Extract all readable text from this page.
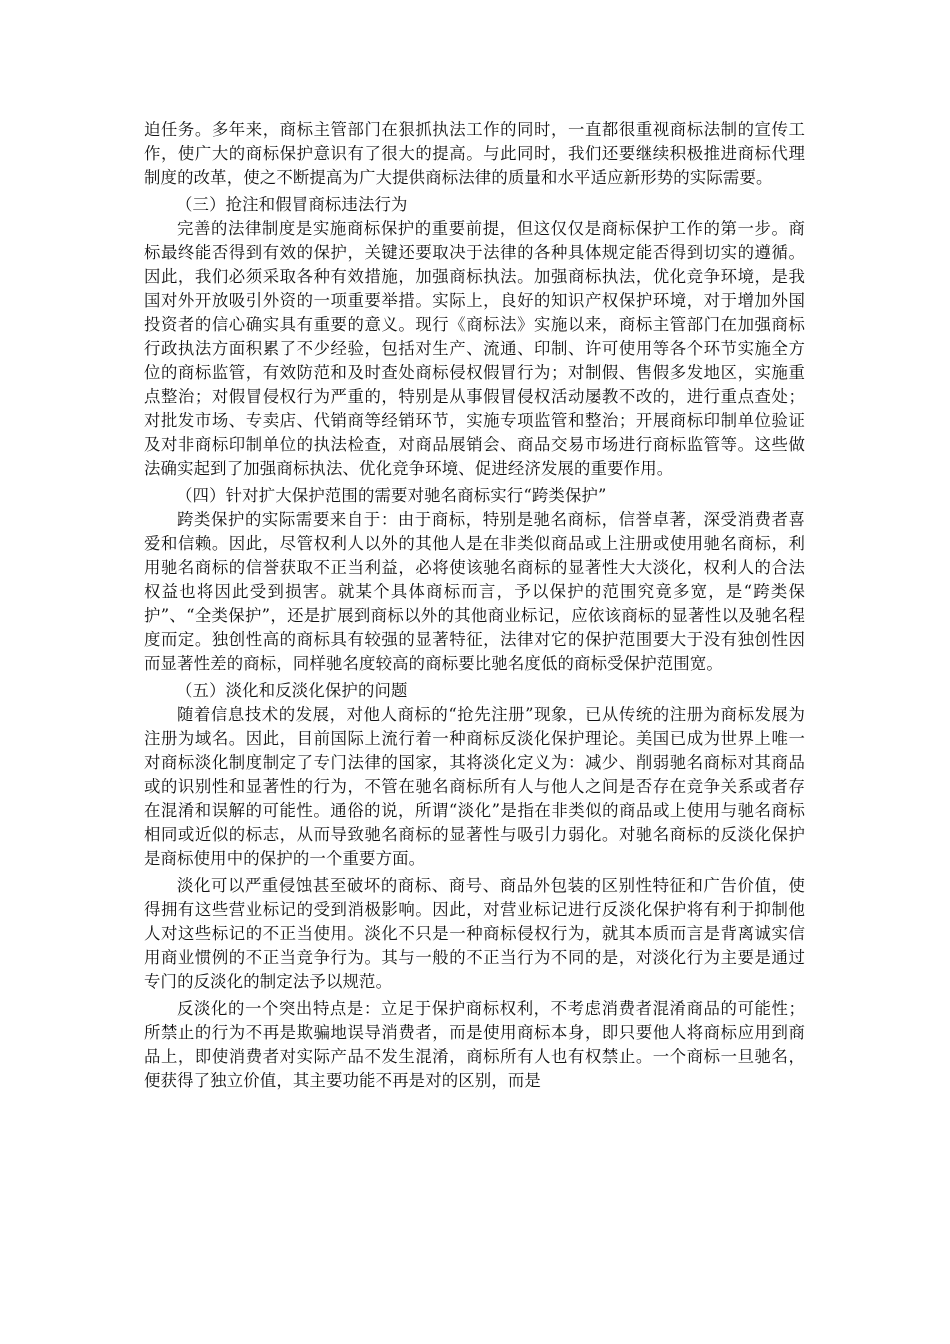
迫任务。多年来，商标主管部门在狠抓执法工作的同时，一直都很重视商标法制的宣传工作，使广大的商标保护意识有了很大的提高。与此同时，我们还要继续积极推进商标代理制度的改革，使之不断提高为广大提供商标法律的质量和水平适应新形势的实际需要。

（三）抢注和假冒商标违法行为

完善的法律制度是实施商标保护的重要前提，但这仅仅是商标保护工作的第一步。商标最终能否得到有效的保护，关键还要取决于法律的各种具体规定能否得到切实的遵循。因此，我们必须采取各种有效措施，加强商标执法。加强商标执法，优化竞争环境，是我国对外开放吸引外资的一项重要举措。实际上，良好的知识产权保护环境，对于增加外国投资者的信心确实具有重要的意义。现行《商标法》实施以来，商标主管部门在加强商标行政执法方面积累了不少经验，包括对生产、流通、印制、许可使用等各个环节实施全方位的商标监管，有效防范和及时查处商标侵权假冒行为；对制假、售假多发地区，实施重点整治；对假冒侵权行为严重的，特别是从事假冒侵权活动屡教不改的，进行重点查处；对批发市场、专卖店、代销商等经销环节，实施专项监管和整治；开展商标印制单位验证及对非商标印制单位的执法检查，对商品展销会、商品交易市场进行商标监管等。这些做法确实起到了加强商标执法、优化竞争环境、促进经济发展的重要作用。

（四）针对扩大保护范围的需要对驰名商标实行“跨类保护”

跨类保护的实际需要来自于：由于商标，特别是驰名商标，信誉卓著，深受消费者喜爱和信赖。因此，尽管权利人以外的其他人是在非类似商品或上注册或使用驰名商标，利用驰名商标的信誉获取不正当利益，必将使该驰名商标的显著性大大淡化，权利人的合法权益也将因此受到损害。就某个具体商标而言，予以保护的范围究竟多宽，是“跨类保护”、“全类保护”，还是扩展到商标以外的其他商业标记，应依该商标的显著性以及驰名程度而定。独创性高的商标具有较强的显著特征，法律对它的保护范围要大于没有独创性因而显著性差的商标，同样驰名度较高的商标要比驰名度低的商标受保护范围宽。

（五）淡化和反淡化保护的问题

随着信息技术的发展，对他人商标的“抢先注册”现象，已从传统的注册为商标发展为注册为域名。因此，目前国际上流行着一种商标反淡化保护理论。美国已成为世界上唯一对商标淡化制度制定了专门法律的国家，其将淡化定义为：减少、削弱驰名商标对其商品或的识别性和显著性的行为，不管在驰名商标所有人与他人之间是否存在竞争关系或者存在混淆和误解的可能性。通俗的说，所谓“淡化”是指在非类似的商品或上使用与驰名商标相同或近似的标志，从而导致驰名商标的显著性与吸引力弱化。对驰名商标的反淡化保护是商标使用中的保护的一个重要方面。

淡化可以严重侵蚀甚至破坏的商标、商号、商品外包装的区别性特征和广告价值，使得拥有这些营业标记的受到消极影响。因此，对营业标记进行反淡化保护将有利于抑制他人对这些标记的不正当使用。淡化不只是一种商标侵权行为，就其本质而言是背离诚实信用商业惯例的不正当竞争行为。其与一般的不正当行为不同的是，对淡化行为主要是通过专门的反淡化的制定法予以规范。

反淡化的一个突出特点是：立足于保护商标权利，不考虑消费者混淆商品的可能性；所禁止的行为不再是欺骗地误导消费者，而是使用商标本身，即只要他人将商标应用到商品上，即使消费者对实际产品不发生混淆，商标所有人也有权禁止。一个商标一旦驰名，便获得了独立价值，其主要功能不再是对的区别，而是
